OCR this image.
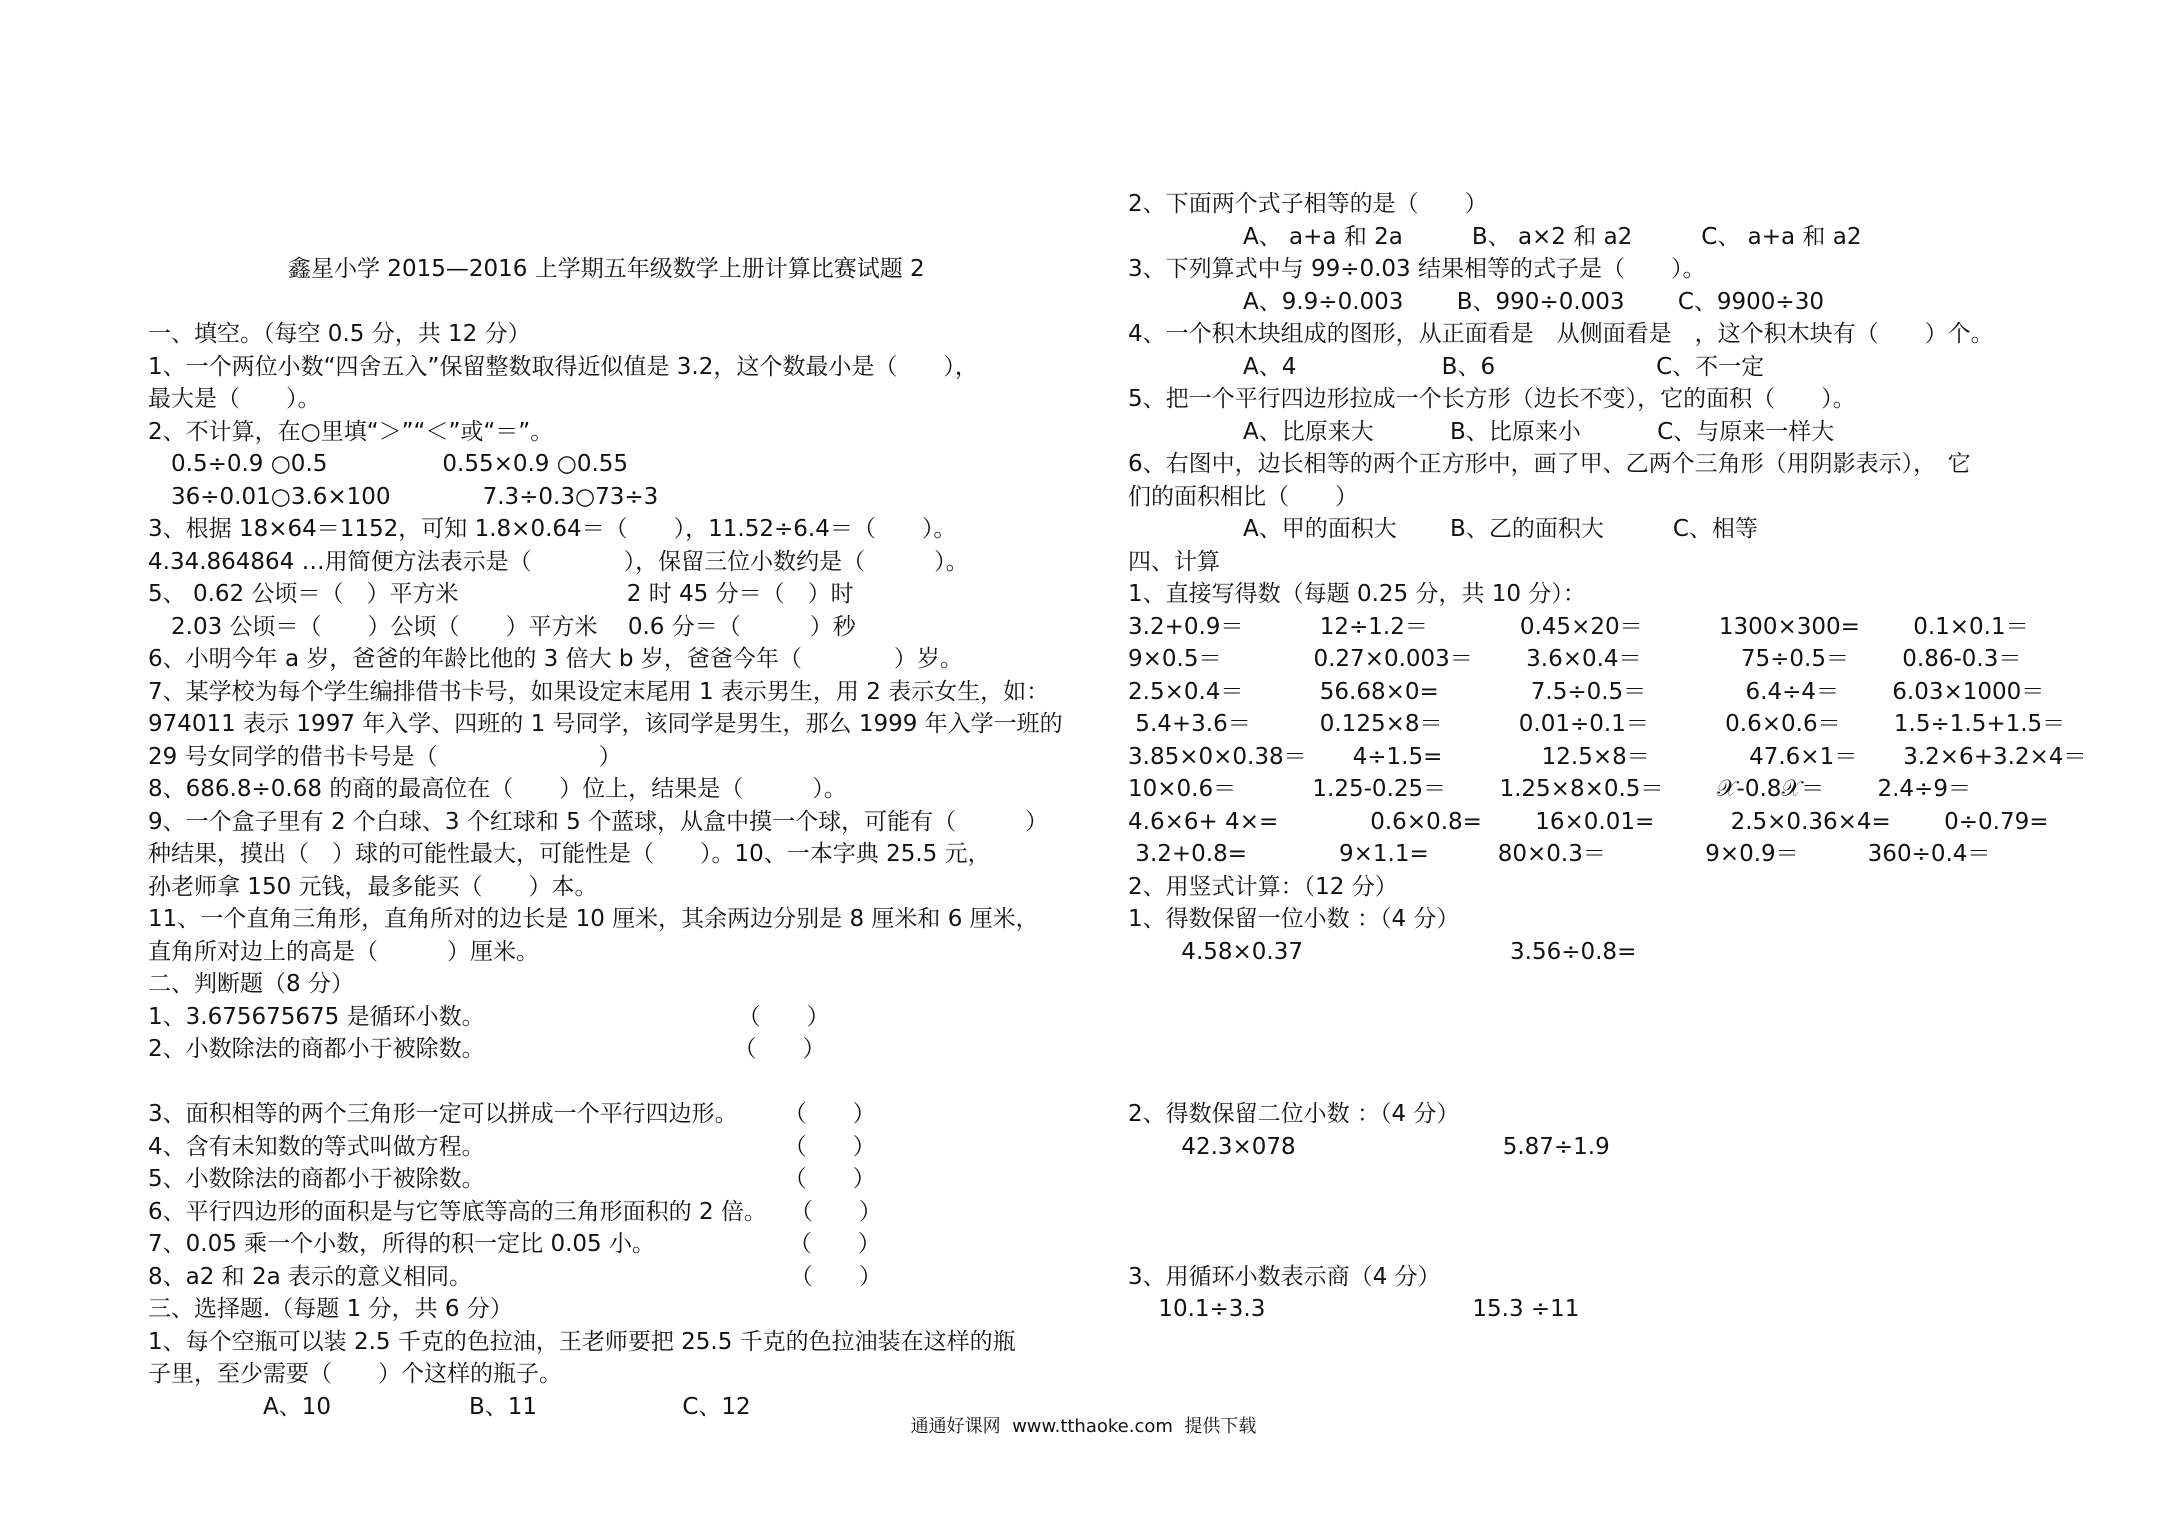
鑫星小学 2015—2016 上学期五年级数学上册计算比赛试题 2

一、填空。（每空 0.5 分，共 12 分）
1、一个两位小数“四舍五入”保留整数取得近似值是 3.2，这个数最小是（　　），
最大是（　　）。
2、不计算，在○里填“＞”“＜”或“＝”。
　0.5÷0.9 ○0.5　　　　　0.55×0.9 ○0.55
　36÷0.01○3.6×100　　　　7.3÷0.3○73÷3
3、根据 18×64＝1152，可知 1.8×0.64＝（　　），11.52÷6.4＝（　　）。
4.34.864864 …用简便方法表示是（　　　　），保留三位小数约是（　　　）。
5、 0.62 公顷＝（　）平方米　　　　　　　 2 时 45 分＝（　）时
　2.03 公顷＝（　　）公顷（　　）平方米　 0.6 分＝（　　　）秒
6、小明今年 a 岁，爸爸的年龄比他的 3 倍大 b 岁，爸爸今年（　　　　）岁。
7、某学校为每个学生编排借书卡号，如果设定末尾用 1 表示男生，用 2 表示女生，如：
974011 表示 1997 年入学、四班的 1 号同学，该同学是男生，那么 1999 年入学一班的
29 号女同学的借书卡号是（　　　　　　　）
8、686.8÷0.68 的商的最高位在（　　）位上，结果是（　　　）。
9、一个盒子里有 2 个白球、3 个红球和 5 个蓝球，从盒中摸一个球，可能有（　　　）
种结果，摸出（　）球的可能性最大，可能性是（　　）。10、一本字典 25.5 元，
孙老师拿 150 元钱，最多能买（　　）本。
11、一个直角三角形，直角所对的边长是 10 厘米，其余两边分别是 8 厘米和 6 厘米，
直角所对边上的高是（　　　）厘米。
二、判断题（8 分）
1、3.675675675 是循环小数。　　　　　　　　　　　　（　　）
2、小数除法的商都小于被除数。　　　　　　　　　　　 （　　）
3、面积相等的两个三角形一定可以拼成一个平行四边形。　　　（　　）
4、含有未知数的等式叫做方程。　　　　　　　　　　　　　　（　　）
5、小数除法的商都小于被除数。　　　　　　　　　　　　　　（　　）
6、平行四边形的面积是与它等底等高的三角形面积的 2 倍。　　（　　）
7、0.05 乘一个小数，所得的积一定比 0.05 小。　　　　　　 （　　）
8、a2 和 2a 表示的意义相同。　　　　　　　　　　　　　　 （　　）
三、选择题.（每题 1 分，共 6 分）
1、每个空瓶可以装 2.5 千克的色拉油，王老师要把 25.5 千克的色拉油装在这样的瓶
子里，至少需要（　　）个这样的瓶子。
　　　　　A、10　　　　　　B、11　　　　　　 C、12
2、下面两个式子相等的是（　　）
　　　　　A、 a+a 和 2a　　　B、 a×2 和 a2　　　C、 a+a 和 a2
3、下列算式中与 99÷0.03 结果相等的式子是（　　）。
　　　　　A、9.9÷0.003　　 B、990÷0.003　　 C、9900÷30
4、一个积木块组成的图形，从正面看是　从侧面看是　，这个积木块有（　　）个。
　　　　　A、4　　　　　　 B、6　　　　　　　C、不一定
5、把一个平行四边形拉成一个长方形（边长不变），它的面积（　　）。
　　　　　A、比原来大　　　 B、比原来小　　　 C、与原来一样大
6、右图中，边长相等的两个正方形中，画了甲、乙两个三角形（用阴影表示），　它
们的面积相比（　　）
　　　　　A、甲的面积大　　 B、乙的面积大　　　C、相等
四、计算
1、直接写得数（每题 0.25 分，共 10 分）：
3.2+0.9＝　　　 12÷1.2＝　　　　0.45×20＝　　　 1300×300=　　 0.1×0.1＝
9×0.5＝　　　　0.27×0.003＝　　 3.6×0.4＝　　　　 75÷0.5＝　　 0.86-0.3＝
2.5×0.4＝　　　 56.68×0=　　　　7.5÷0.5＝　　　　 6.4÷4＝　　 6.03×1000＝
5.4+3.6＝　　　0.125×8＝　　　 0.01÷0.1＝　　　 0.6×0.6＝　　 1.5÷1.5+1.5＝
3.85×0×0.38＝　　4÷1.5=　　　　 12.5×8＝　　　　 47.6×1＝　　3.2×6+3.2×4＝
10×0.6＝　　　 1.25-0.25＝　　 1.25×8×0.5＝　　 𝒳-0.8𝒳＝　　 2.4÷9＝
4.6×6+ 4×=　　　　0.6×0.8=　　 16×0.01=　　　 2.5×0.36×4=　　 0÷0.79=
3.2+0.8=　　　　9×1.1=　　　80×0.3＝　　　　 9×0.9＝　　　360÷0.4＝
2、用竖式计算：（12 分）
1、得数保留一位小数 ：（4 分）
　　 4.58×0.37　　　　　　　　　3.56÷0.8=
2、得数保留二位小数 ：（4 分）
　　 42.3×078　　　　　　　　　5.87÷1.9
3、用循环小数表示商（4 分）
　 10.1÷3.3　　　　　　　　　15.3 ÷11
通通好课网  www.tthaoke.com  提供下载
